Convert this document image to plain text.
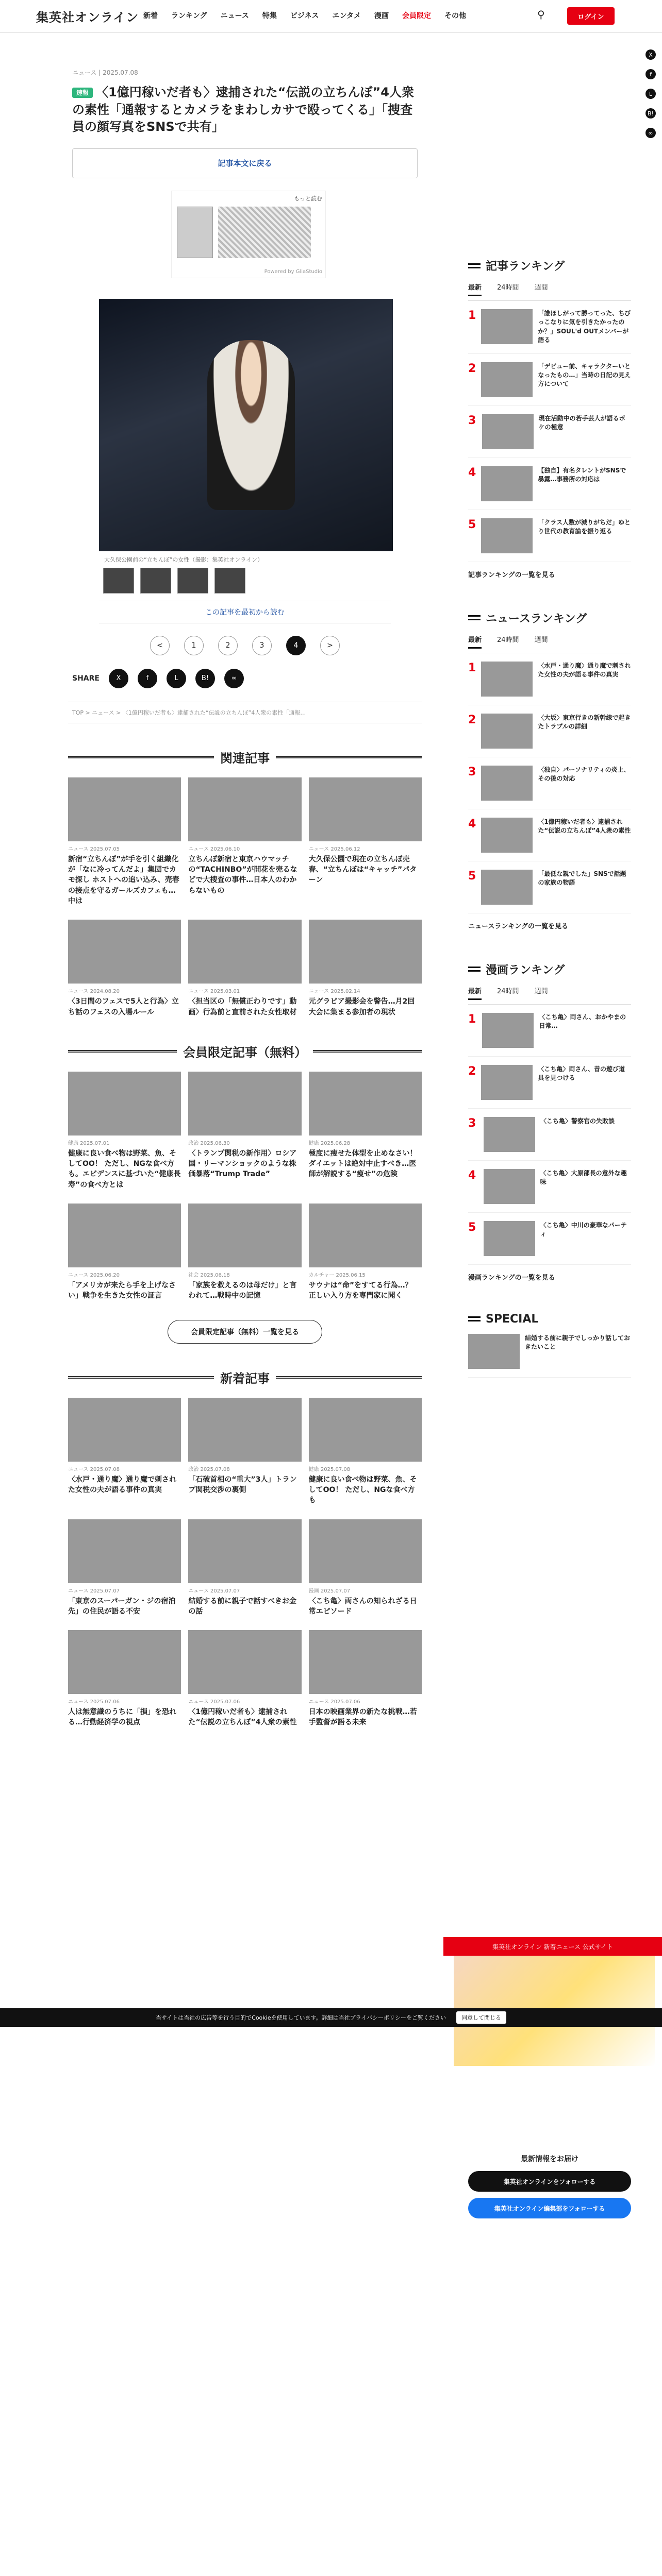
集英社オンライン 新着 ランキング ニュース 特集 ビジネス エンタメ 漫画 会員限定 その他	⚲	ログイン
X
f
L
B!
∞
ニュース | 2025.07.08
速報 〈1億円稼いだ者も〉逮捕された“伝説の立ちんぼ”4人衆の素性「通報するとカメラをまわしカサで殴ってくる」「捜査員の顔写真をSNSで共有」
記事本文に戻る
もっと読む
Powered by GliaStudio
大久保公園前の“立ちんぼ”の女性（撮影：集英社オンライン）
この記事を最初から読む
<	1	2	3	4	>
SHARE	X	f	L	B!	∞
TOP > ニュース > 〈1億円稼いだ者も〉逮捕された“伝説の立ちんぼ”4人衆の素性「通報…
関連記事
ニュース 2025.07.05
新宿“立ちんぼ”が手を引く組織化が「なに冷ってんだよ」集団でカモ探し ホストへの追い込み、売春の接点を守るガールズカフェも…中は
ニュース 2025.06.10
立ちんぼ新宿と東京ハウマッチの“TACHINBO”が開花を売るなどで大捜査の事件…日本人のわからないもの
ニュース 2025.06.12
大久保公園で現在の立ちんぼ売春、“立ちんぼは“キャッチ”パターン
ニュース 2024.08.20
〈3日間のフェスで5人と行為〉立ち話のフェスの入場ルール
ニュース 2025.03.01
〈担当区の「無償正わりです」動画〉行為前と直前された女性取材
ニュース 2025.02.14
元グラビア撮影会を警告…月2回大会に集まる参加者の現状
会員限定記事（無料）
健康 2025.07.01
健康に良い食べ物は野菜、魚、そしてOO！ ただし、NGな食べ方も。エビデンスに基づいた“健康長寿”の食べ方とは
政治 2025.06.30
〈トランプ関税の新作用〉ロシア国・リーマンショックのような株価暴落“Trump Trade”
健康 2025.06.28
極度に痩せた体型を止めなさい！ダイエットは絶対中止すべき…医師が解説する“痩せ”の危険
ニュース 2025.06.20
「アメリカが来たら手を上げなさい」戦争を生きた女性の証言
社会 2025.06.18
「家族を救えるのは母だけ」と言われて…戦時中の記憶
カルチャー 2025.06.15
サウナは“命”をすてる行為…？ 正しい入り方を専門家に聞く
会員限定記事（無料）一覧を見る
新着記事
ニュース 2025.07.08
〈水戸・通り魔〉通り魔で刺された女性の夫が語る事件の真実
政治 2025.07.08
「石破首相の“重大”3人」トランプ関税交渉の裏側
健康 2025.07.08
健康に良い食べ物は野菜、魚、そしてOO！ ただし、NGな食べ方も
ニュース 2025.07.07
「東京のスーパーガン・ジの宿泊先」の住民が語る不安
ニュース 2025.07.07
結婚する前に親子で話すべきお金の話
漫画 2025.07.07
〈こち亀〉両さんの知られざる日常エピソード
ニュース 2025.07.06
人は無意識のうちに「損」を恐れる…行動経済学の視点
ニュース 2025.07.06
〈1億円稼いだ者も〉逮捕された“伝説の立ちんぼ”4人衆の素性
ニュース 2025.07.06
日本の映画業界の新たな挑戦…若手監督が語る未来
記事ランキング
最新 24時間 週間
1	「誰ほしがって勝ってった、ちびっこなりに気を引きたかったのか？」SOUL'd OUTメンバーが語る
2	「デビュー前、キャラクターいとなったもの…」当時の日記の見え方について
3	現在活動中の若手芸人が語るボケの極意
4	【独自】有名タレントがSNSで暴露…事務所の対応は
5	「クラス人数が減りがちだ」ゆとり世代の教育論を振り返る
記事ランキングの一覧を見る
ニュースランキング
最新 24時間 週間
1	〈水戸・通り魔〉通り魔で刺された女性の夫が語る事件の真実
2	〈大坂〉東京行きの新幹線で起きたトラブルの詳細
3	〈独自〉パーソナリティの炎上、その後の対応
4	〈1億円稼いだ者も〉逮捕された“伝説の立ちんぼ”4人衆の素性
5	「最低な親でした」SNSで話題の家族の物語
ニュースランキングの一覧を見る
漫画ランキング
最新 24時間 週間
1	〈こち亀〉両さん、おかやまの日常…
2	〈こち亀〉両さん、昔の遊び道具を見つける
3	〈こち亀〉警察官の失敗談
4	〈こち亀〉大原部長の意外な趣味
5	〈こち亀〉中川の豪華なパーティ
漫画ランキングの一覧を見る
SPECIAL
結婚する前に親子でしっかり話しておきたいこと
集英社オンライン 新着ニュース 公式サイト
当サイトは当社の広告等を行う目的でCookieを使用しています。詳細は当社プライバシーポリシーをご覧ください	同意して閉じる
最新情報をお届け
集英社オンラインをフォローする
集英社オンライン編集部をフォローする
